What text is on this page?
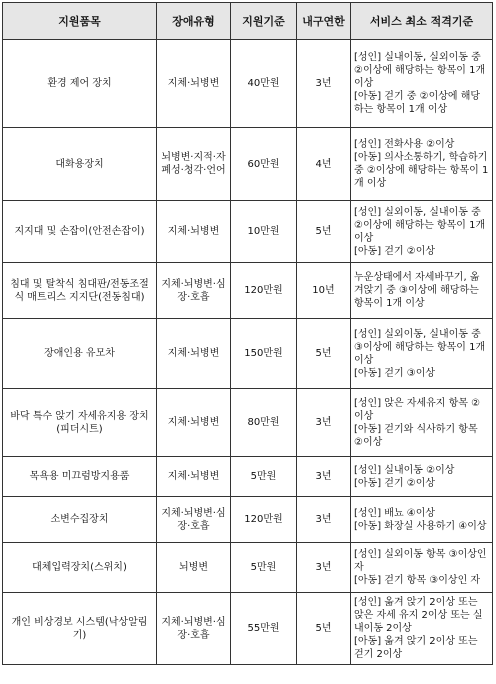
지원품목	장애유형	지원기준	내구연한	서비스 최소 적격기준
환경 제어 장치	지체·뇌병변	40만원	3년	[성인] 실내이동, 실외이동 중 ②이상에 해당하는 항목이 1개 이상
[아동] 걷기 중 ②이상에 해당하는 항목이 1개 이상
대화용장치	뇌병변·지적·자폐성·청각·언어	60만원	4년	[성인] 전화사용 ②이상
[아동] 의사소통하기, 학습하기 중 ②이상에 해당하는 항목이 1개 이상
지지대 및 손잡이(안전손잡이)	지체·뇌병변	10만원	5년	[성인] 실외이동, 실내이동 중 ②이상에 해당하는 항목이 1개 이상
[아동] 걷기 ②이상
침대 및 탈착식 침대판/전동조절식 매트리스 지지단(전동침대)	지체·뇌병변·심장·호흡	120만원	10년	누운상태에서 자세바꾸기, 옮겨앉기 중 ③이상에 해당하는 항목이 1개 이상
장애인용 유모차	지체·뇌병변	150만원	5년	[성인] 실외이동, 실내이동 중 ③이상에 해당하는 항목이 1개 이상
[아동] 걷기 ③이상
바닥 특수 앉기 자세유지용 장치(피더시트)	지체·뇌병변	80만원	3년	[성인] 앉은 자세유지 항목 ②이상
[아동] 걷기와 식사하기 항목 ②이상
목욕용 미끄럼방지용품	지체·뇌병변	5만원	3년	[성인] 실내이동 ②이상
[아동] 걷기 ②이상
소변수집장치	지체·뇌병변·심장·호흡	120만원	3년	[성인] 배뇨 ④이상
[아동] 화장실 사용하기 ④이상
대체입력장치(스위치)	뇌병변	5만원	3년	[성인] 실외이동 항목 ③이상인 자
[아동] 걷기 항목 ③이상인 자
개인 비상경보 시스템(낙상알림기)	지체·뇌병변·심장·호흡	55만원	5년	[성인] 옮겨 앉기 2이상 또는 앉은 자세 유지 2이상 또는 실내이동 2이상
[아동] 옮겨 앉기 2이상 또는 걷기 2이상
